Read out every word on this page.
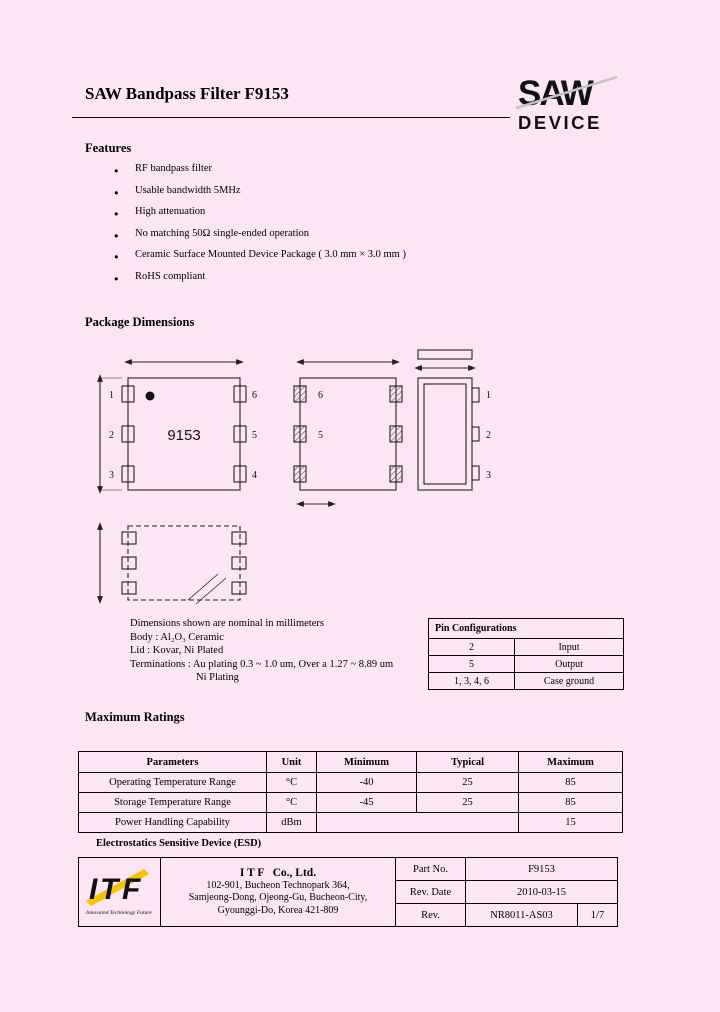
SAW Bandpass Filter F9153	SAW
DEVICE
Features
● RF bandpass filter
● Usable bandwidth 5MHz
● High attenuation
● No matching 50Ω single-ended operation
● Ceramic Surface Mounted Device Package ( 3.0 mm × 3.0 mm )
● RoHS compliant
Package Dimensions
9153
1
2
3
6
5
4
6
5
1
2
3
Dimensions shown are nominal in millimeters
Body : Al₂O₃ Ceramic
Lid : Kovar, Ni Plated
Terminations : Au plating 0.3 ~ 1.0 um, Over a 1.27 ~ 8.89 um
Ni Plating
Pin Configurations	
2	Input
5	Output
1, 3, 4, 6	Case ground
Maximum Ratings
Parameters	Unit	Minimum	Typical	Maximum
Operating Temperature Range	°C	-40	25	85
Storage Temperature Range	°C	-45	25	85
Power Handling Capability	dBm			15
Electrostatics Sensitive Device (ESD)
I T F
Innovated Technology Future

I T F   Co., Ltd.
102-901, Bucheon Technopark 364,
Samjeong-Dong, Ojeong-Gu, Bucheon-City,
Gyounggi-Do, Korea 421-809
	Part No.	F9153
		Rev. Date	2010-03-15	
		Rev.	NR8011-AS03	1/7
